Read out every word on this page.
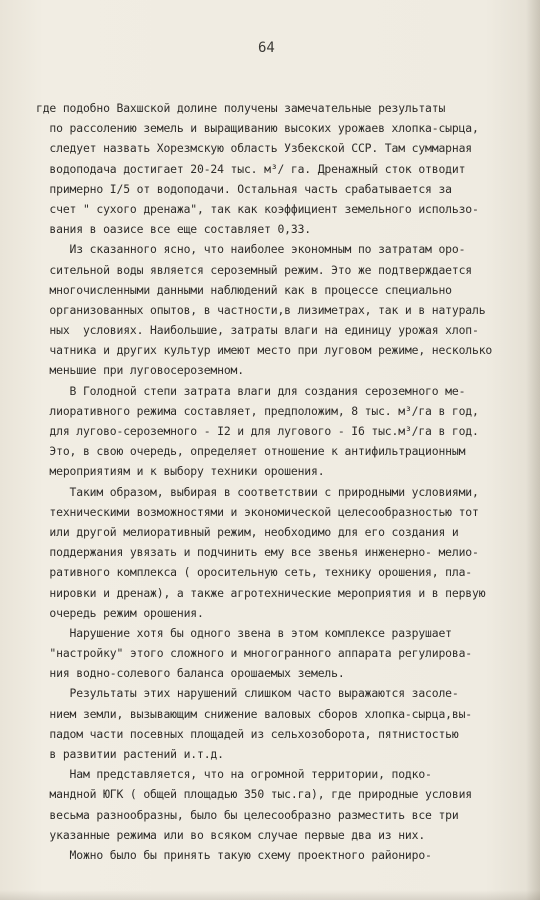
64
где подобно Вахшской долине получены замечательные результаты
по рассолению земель и выращиванию высоких урожаев хлопка-сырца,
следует назвать Хорезмскую область Узбекской ССР. Там суммарная
водоподача достигает 20-24 тыс. м³/ га. Дренажный сток отводит
примерно I/5 от водоподачи. Остальная часть срабатывается за
счет " сухого дренажа", так как коэффициент земельного использо-
вания в оазисе все еще составляет 0,33.
Из сказанного ясно, что наиболее экономным по затратам оро-
сительной воды является сероземный режим. Это же подтверждается
многочисленными данными наблюдений как в процессе специально
организованных опытов, в частности,в лизиметрах, так и в натураль
ных  условиях. Наибольшие, затраты влаги на единицу урожая хлоп-
чатника и других культур имеют место при луговом режиме, несколько
меньшие при луговосероземном.
В Голодной степи затрата влаги для создания сероземного ме-
лиоративного режима составляет, предположим, 8 тыс. м³/га в год,
для лугово-сероземного - I2 и для лугового - I6 тыс.м³/га в год.
Это, в свою очередь, определяет отношение к антифильтрационным
мероприятиям и к выбору техники орошения.
Таким образом, выбирая в соответствии с природными условиями,
техническими возможностями и экономической целесообразностью тот
или другой мелиоративный режим, необходимо для его создания и
поддержания увязать и подчинить ему все звенья инженерно- мелио-
ративного комплекса ( оросительную сеть, технику орошения, пла-
нировки и дренаж), а также агротехнические мероприятия и в первую
очередь режим орошения.
Нарушение хотя бы одного звена в этом комплексе разрушает
"настройку" этого сложного и многогранного аппарата регулирова-
ния водно-солевого баланса орошаемых земель.
Результаты этих нарушений слишком часто выражаются засоле-
нием земли, вызывающим снижение валовых сборов хлопка-сырца,вы-
падом части посевных площадей из сельхозоборота, пятнистостью
в развитии растений и.т.д.
Нам представляется, что на огромной территории, подко-
мандной ЮГК ( общей площадью 350 тыс.га), где природные условия
весьма разнообразны, было бы целесообразно разместить все три
указанные режима или во всяком случае первые два из них.
Можно было бы принять такую схему проектного райониро-
